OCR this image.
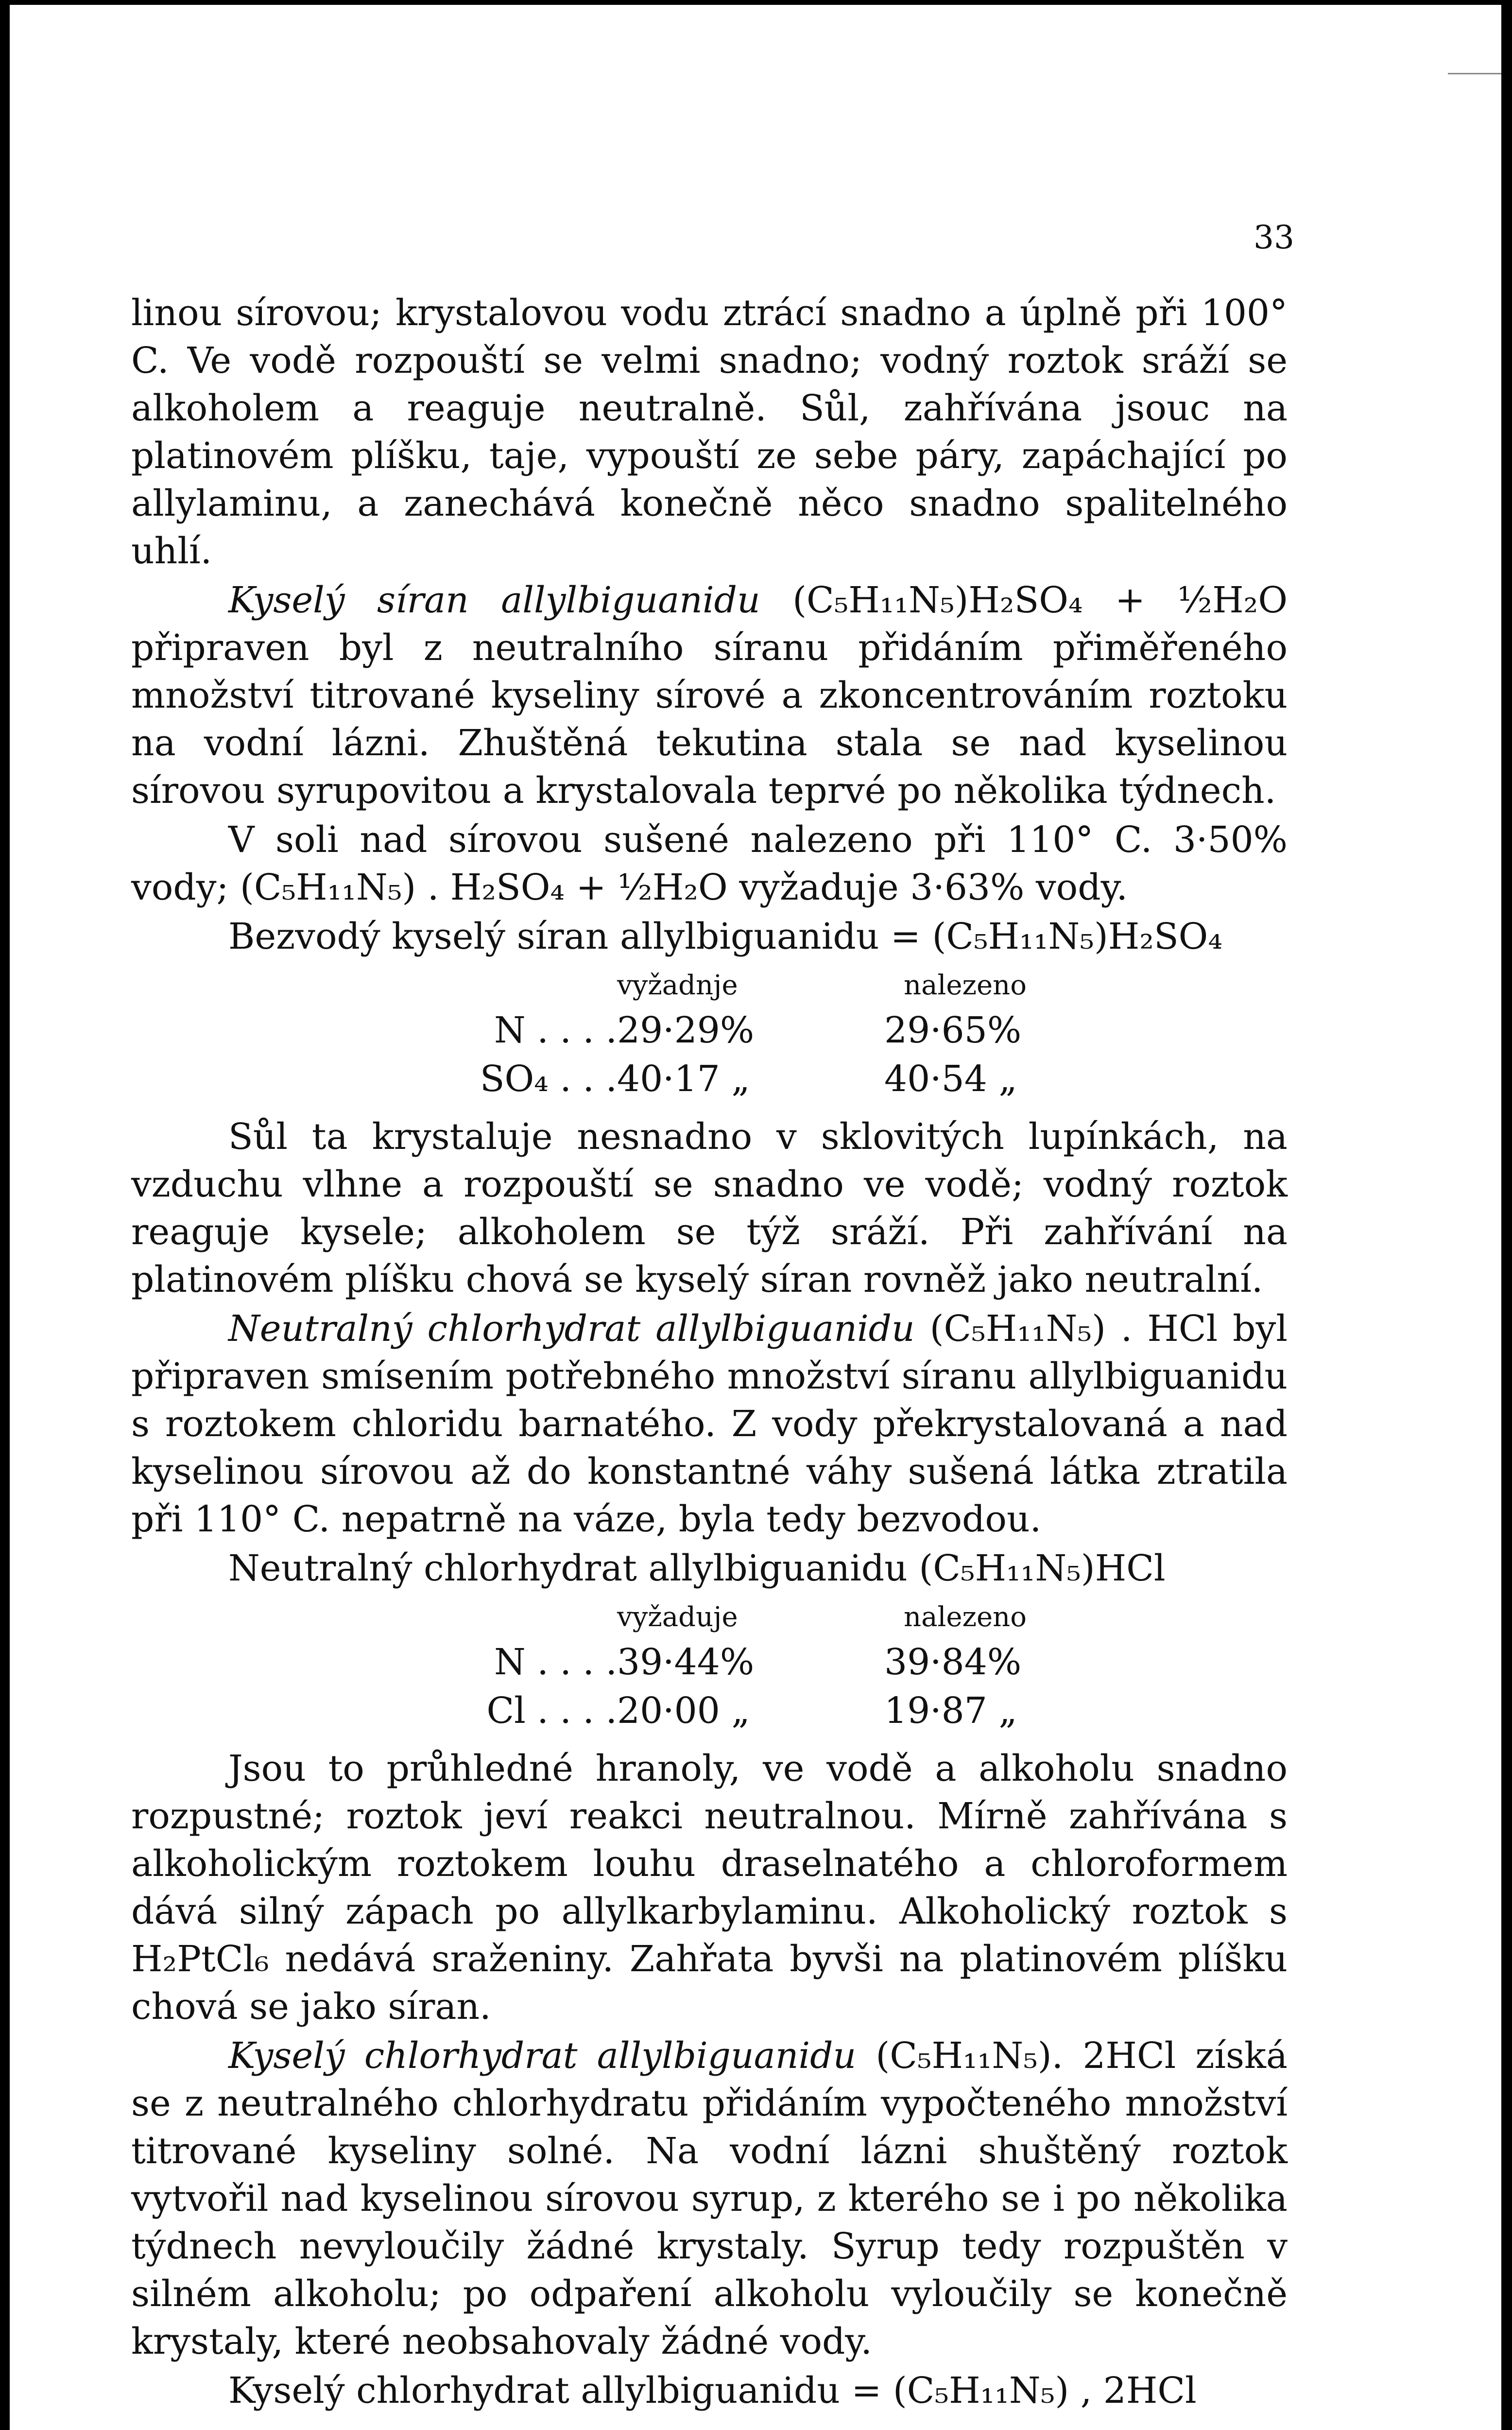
33

linou sírovou; krystalovou vodu ztrácí snadno a úplně při 100° C. Ve vodě rozpouští se velmi snadno; vodný roztok sráží se alkoholem a reaguje neutralně. Sůl, zahřívána jsouc na platinovém plíšku, taje, vypouští ze sebe páry, zapáchající po allylaminu, a zanechává konečně něco snadno spalitelného uhlí.

Kyselý síran allylbiguanidu (C₅H₁₁N₅)H₂SO₄ + ½H₂O připraven byl z neutralního síranu přidáním přiměřeného množství titrované kyseliny sírové a zkoncentrováním roztoku na vodní lázni. Zhuštěná tekutina stala se nad kyselinou sírovou syrupovitou a krystalovala teprvé po několika týdnech.

V soli nad sírovou sušené nalezeno při 110° C. 3·50% vody; (C₅H₁₁N₅) . H₂SO₄ + ½H₂O vyžaduje 3·63% vody.

Bezvodý kyselý síran allylbiguanidu = (C₅H₁₁N₅)H₂SO₄
vyžadnje	nalezeno
N . . . .29·29%	29·65%
SO₄ . . .40·17 „	40·54 „

Sůl ta krystaluje nesnadno v sklovitých lupínkách, na vzduchu vlhne a rozpouští se snadno ve vodě; vodný roztok reaguje kysele; alkoholem se týž sráží. Při zahřívání na platinovém plíšku chová se kyselý síran rovněž jako neutralní.

Neutralný chlorhydrat allylbiguanidu (C₅H₁₁N₅) . HCl byl připraven smísením potřebného množství síranu allylbiguanidu s roztokem chloridu barnatého. Z vody překrystalovaná a nad kyselinou sírovou až do konstantné váhy sušená látka ztratila při 110° C. nepatrně na váze, byla tedy bezvodou.

Neutralný chlorhydrat allylbiguanidu (C₅H₁₁N₅)HCl
vyžaduje	nalezeno
N . . . .39·44%	39·84%
Cl . . . .20·00 „	19·87 „

Jsou to průhledné hranoly, ve vodě a alkoholu snadno rozpustné; roztok jeví reakci neutralnou. Mírně zahřívána s alkoholickým roztokem louhu draselnatého a chloroformem dává silný zápach po allylkarbylaminu. Alkoholický roztok s H₂PtCl₆ nedává sraženiny. Zahřata byvši na platinovém plíšku chová se jako síran.

Kyselý chlorhydrat allylbiguanidu (C₅H₁₁N₅). 2HCl získá se z neutralného chlorhydratu přidáním vypočteného množství titrované kyseliny solné. Na vodní lázni shuštěný roztok vytvořil nad kyselinou sírovou syrup, z kterého se i po několika týdnech nevyloučily žádné krystaly. Syrup tedy rozpuštěn v silném alkoholu; po odpaření alkoholu vyloučily se konečně krystaly, které neobsahovaly žádné vody.

Kyselý chlorhydrat allylbiguanidu = (C₅H₁₁N₅) , 2HCl
